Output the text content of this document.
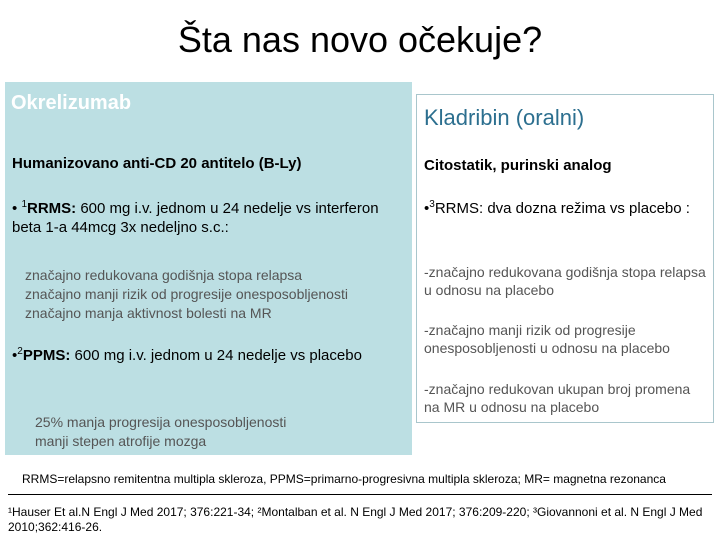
Šta nas novo očekuje?
Okrelizumab
Humanizovano anti-CD 20 antitelo (B-Ly)
• $^1$RRMS: 600 mg i.v. jednom u 24 nedelje vs interferon beta 1-a 44mcg 3x nedeljno s.c.:
značajno redukovana godišnja stopa relapsa
značajno manji rizik od progresije onesposobljenosti
značajno manja aktivnost bolesti na MR
•$^2$PPMS: 600 mg i.v. jednom u 24 nedelje vs placebo
25% manja progresija onesposobljenosti
manji stepen atrofije mozga
Kladribin (oralni)
Citostatik, purinski analog
•$^3$RRMS: dva dozna režima vs placebo :
-značajno redukovana godišnja stopa relapsa u odnosu na placebo
-značajno manji rizik od progresije onesposobljenosti u odnosu na placebo
-značajno redukovan ukupan broj promena na MR u odnosu na placebo
RRMS=relapsno remitentna multipla skleroza, PPMS=primarno-progresivna multipla skleroza; MR= magnetna rezonanca
¹Hauser Et al.N Engl J Med 2017; 376:221-34; ²Montalban et al. N Engl J Med 2017; 376:209-220; ³Giovannoni et al. N Engl J Med 2010;362:416-26.
